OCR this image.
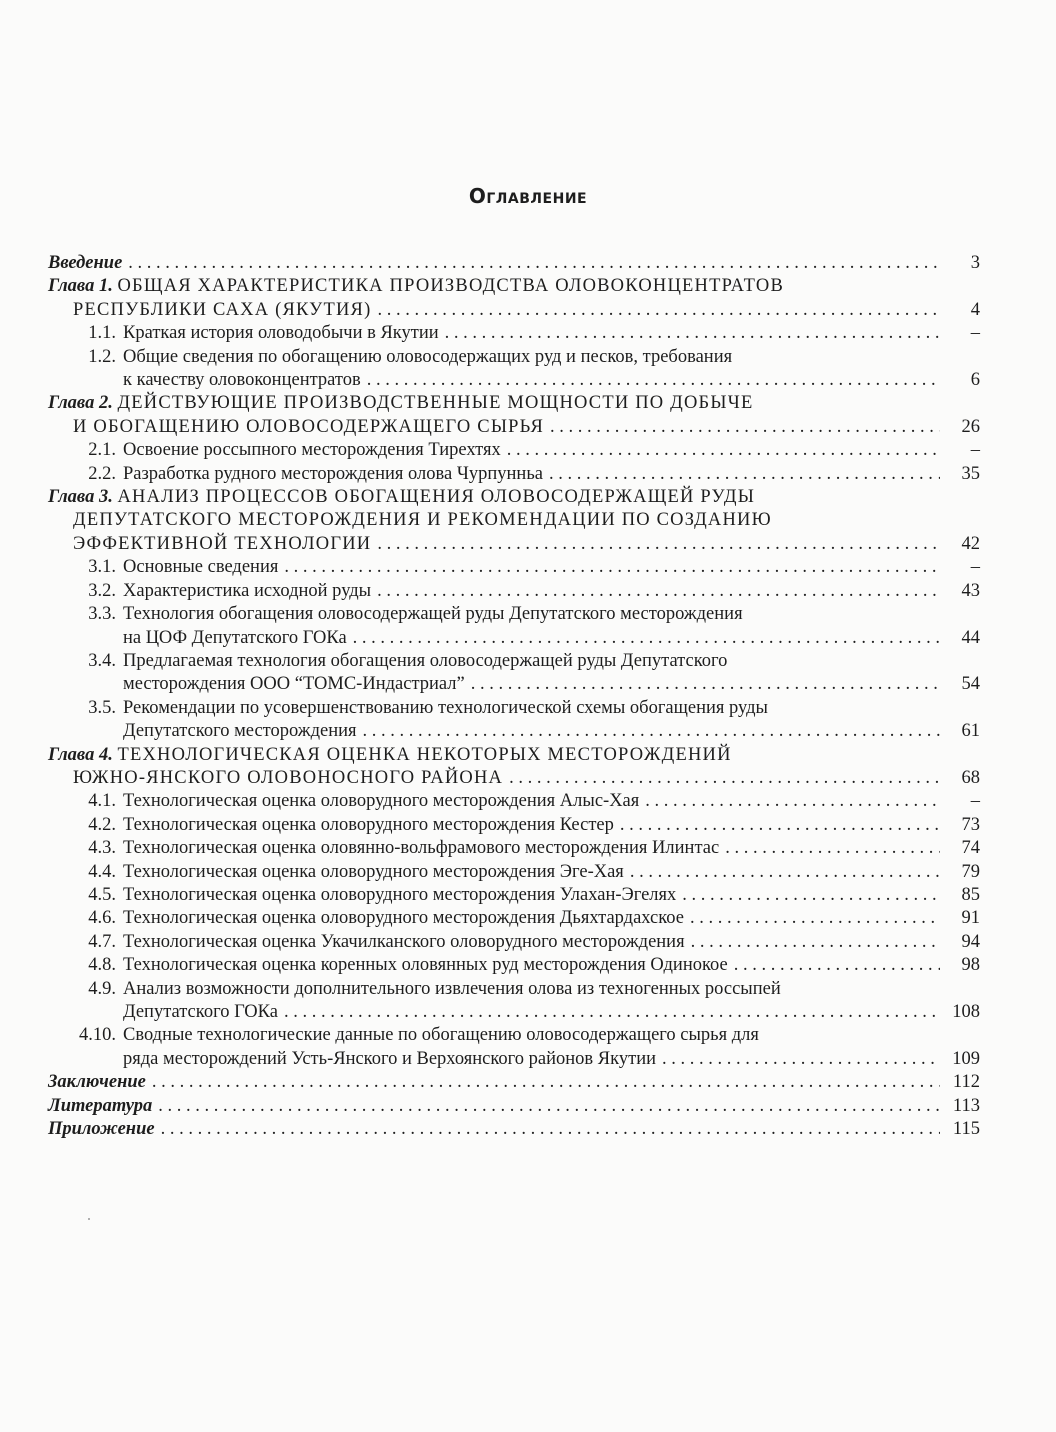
Оглавление
Введение . . .	3
Глава 1. ОБЩАЯ ХАРАКТЕРИСТИКА ПРОИЗВОДСТВА ОЛОВОКОНЦЕНТРАТОВ
РЕСПУБЛИКИ САХА (ЯКУТИЯ) . . .	4
1.1. Краткая история оловодобычи в Якутии . . .	–
1.2. Общие сведения по обогащению оловосодержащих руд и песков, требования
к качеству оловоконцентратов . . .	6
Глава 2. ДЕЙСТВУЮЩИЕ ПРОИЗВОДСТВЕННЫЕ МОЩНОСТИ ПО ДОБЫЧЕ
И ОБОГАЩЕНИЮ ОЛОВОСОДЕРЖАЩЕГО СЫРЬЯ . . .	26
2.1. Освоение россыпного месторождения Тирехтях . . .	–
2.2. Разработка рудного месторождения олова Чурпунньа . . .	35
Глава 3. АНАЛИЗ ПРОЦЕССОВ ОБОГАЩЕНИЯ ОЛОВОСОДЕРЖАЩЕЙ РУДЫ
ДЕПУТАТСКОГО МЕСТОРОЖДЕНИЯ И РЕКОМЕНДАЦИИ ПО СОЗДАНИЮ
ЭФФЕКТИВНОЙ ТЕХНОЛОГИИ . . .	42
3.1. Основные сведения . . .	–
3.2. Характеристика исходной руды . . .	43
3.3. Технология обогащения оловосодержащей руды Депутатского месторождения
на ЦОФ Депутатского ГОКа . . .	44
3.4. Предлагаемая технология обогащения оловосодержащей руды Депутатского
месторождения ООО “ТОМС-Индастриал” . . .	54
3.5. Рекомендации по усовершенствованию технологической схемы обогащения руды
Депутатского месторождения . . .	61
Глава 4. ТЕХНОЛОГИЧЕСКАЯ ОЦЕНКА НЕКОТОРЫХ МЕСТОРОЖДЕНИЙ
ЮЖНО-ЯНСКОГО ОЛОВОНОСНОГО РАЙОНА . . .	68
4.1. Технологическая оценка оловорудного месторождения Алыс-Хая . . .	–
4.2. Технологическая оценка оловорудного месторождения Кестер . . .	73
4.3. Технологическая оценка оловянно-вольфрамового месторождения Илинтас . . .	74
4.4. Технологическая оценка оловорудного месторождения Эге-Хая . . .	79
4.5. Технологическая оценка оловорудного месторождения Улахан-Эгелях . . .	85
4.6. Технологическая оценка оловорудного месторождения Дьяхтардахское . . .	91
4.7. Технологическая оценка Укачилканского оловорудного месторождения . . .	94
4.8. Технологическая оценка коренных оловянных руд месторождения Одинокое . . .	98
4.9. Анализ возможности дополнительного извлечения олова из техногенных россыпей
Депутатского ГОКа . . .	108
4.10. Сводные технологические данные по обогащению оловосодержащего сырья для
ряда месторождений Усть-Янского и Верхоянского районов Якутии . . .	109
Заключение . . .	112
Литература . . .	113
Приложение . . .	115
